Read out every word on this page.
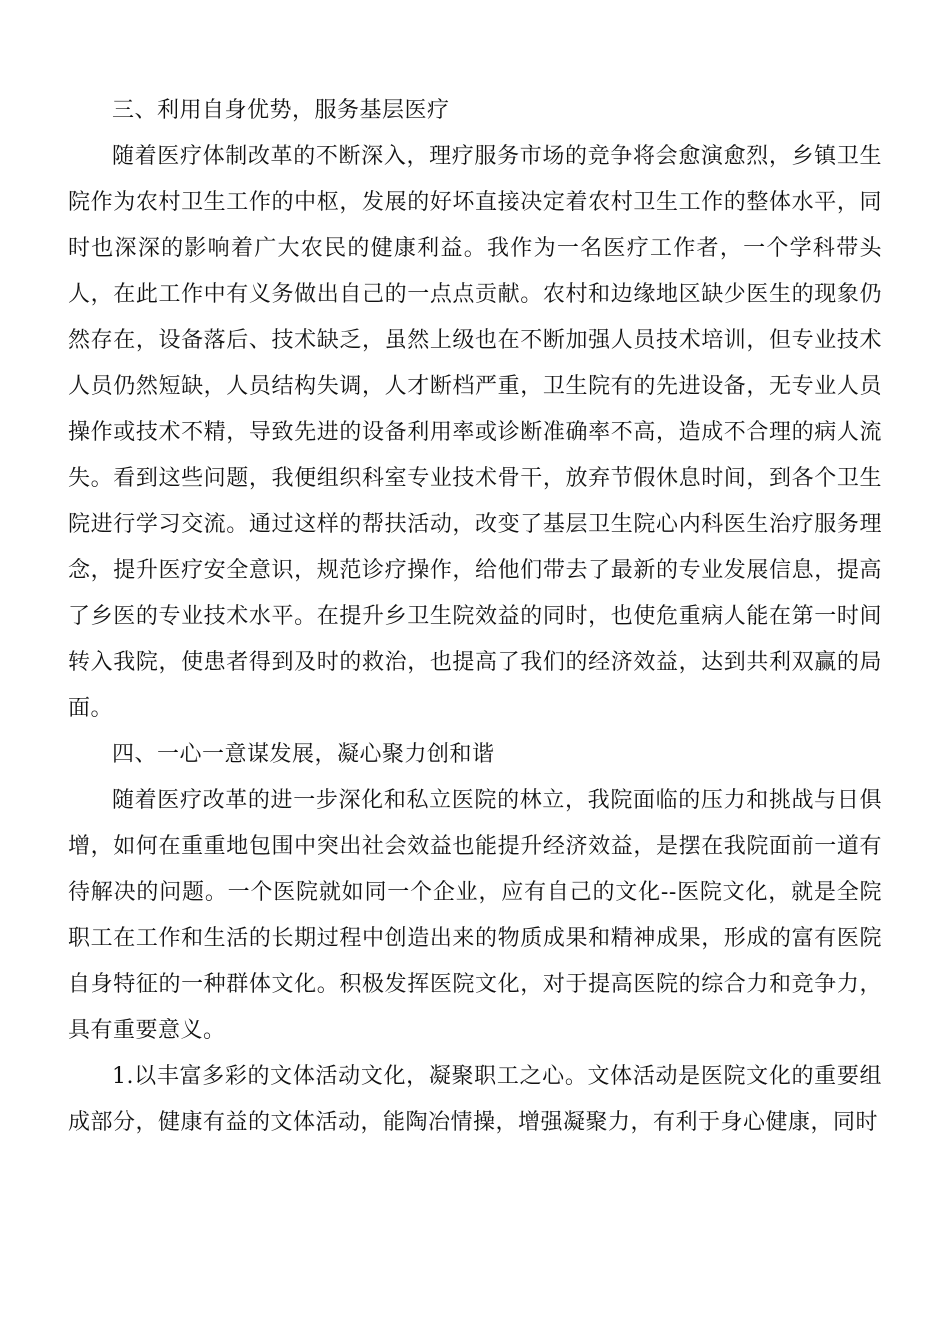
三、利用自身优势，服务基层医疗

随着医疗体制改革的不断深入，理疗服务市场的竞争将会愈演愈烈，乡镇卫生院作为农村卫生工作的中枢，发展的好坏直接决定着农村卫生工作的整体水平，同时也深深的影响着广大农民的健康利益。我作为一名医疗工作者，一个学科带头人，在此工作中有义务做出自己的一点点贡献。农村和边缘地区缺少医生的现象仍然存在，设备落后、技术缺乏，虽然上级也在不断加强人员技术培训，但专业技术人员仍然短缺，人员结构失调，人才断档严重，卫生院有的先进设备，无专业人员操作或技术不精，导致先进的设备利用率或诊断准确率不高，造成不合理的病人流失。看到这些问题，我便组织科室专业技术骨干，放弃节假休息时间，到各个卫生院进行学习交流。通过这样的帮扶活动，改变了基层卫生院心内科医生治疗服务理念，提升医疗安全意识，规范诊疗操作，给他们带去了最新的专业发展信息，提高了乡医的专业技术水平。在提升乡卫生院效益的同时，也使危重病人能在第一时间转入我院，使患者得到及时的救治，也提高了我们的经济效益，达到共利双赢的局面。

四、一心一意谋发展，凝心聚力创和谐

随着医疗改革的进一步深化和私立医院的林立，我院面临的压力和挑战与日俱增，如何在重重地包围中突出社会效益也能提升经济效益，是摆在我院面前一道有待解决的问题。一个医院就如同一个企业，应有自己的文化--医院文化，就是全院职工在工作和生活的长期过程中创造出来的物质成果和精神成果，形成的富有医院自身特征的一种群体文化。积极发挥医院文化，对于提高医院的综合力和竞争力，具有重要意义。

1.以丰富多彩的文体活动文化，凝聚职工之心。文体活动是医院文化的重要组成部分，健康有益的文体活动，能陶冶情操，增强凝聚力，有利于身心健康，同时
